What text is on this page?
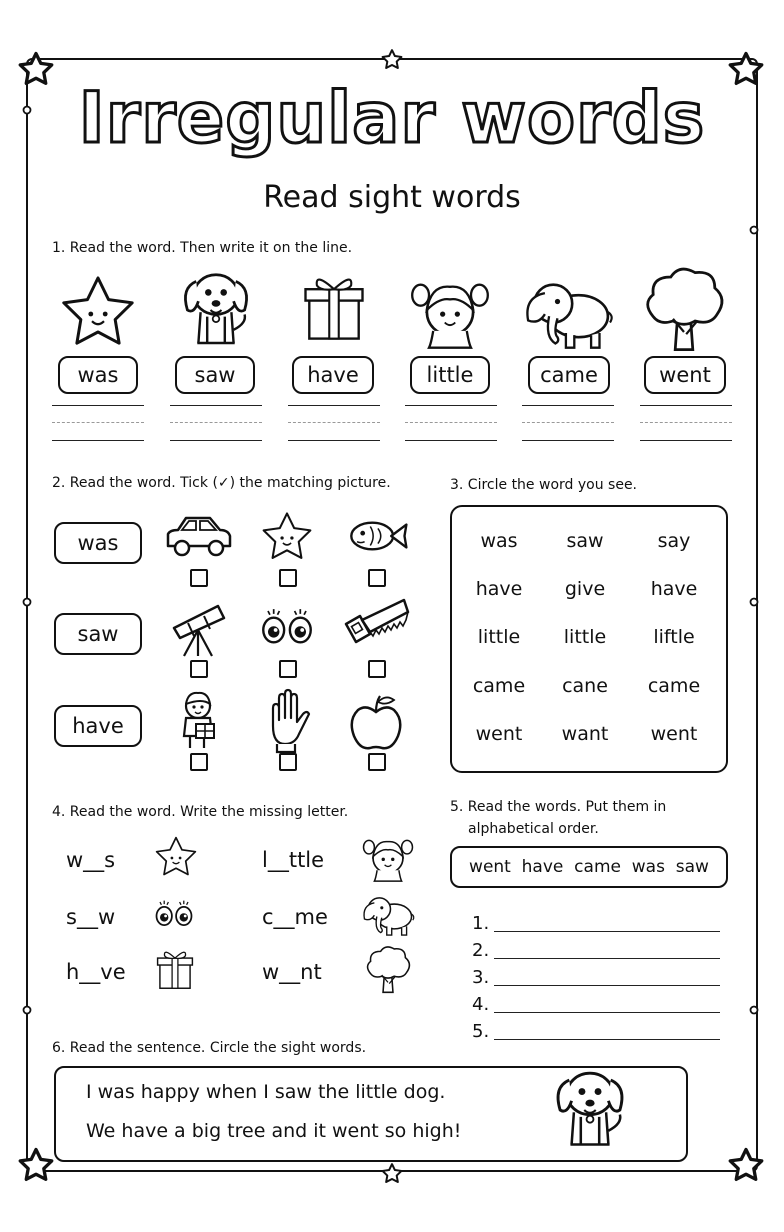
Irregular words
Read sight words
1. Read the word. Then write it on the line.
was	saw	have	little	came	went
2. Read the word. Tick (✓) the matching picture.
was
saw
have
3. Circle the word you see.
was	saw	say
have	give	have
little	little	liftle
came	cane	came
went	want	went
4. Read the word. Write the missing letter.
w__s
s__w
h__ve
l__ttle
c__me
w__nt
5. Read the words. Put them in
alphabetical order.
went  have  came  was  saw
1.
2.
3.
4.
5.
6. Read the sentence. Circle the sight words.
I was happy when I saw the little dog.
We have a big tree and it went so high!
